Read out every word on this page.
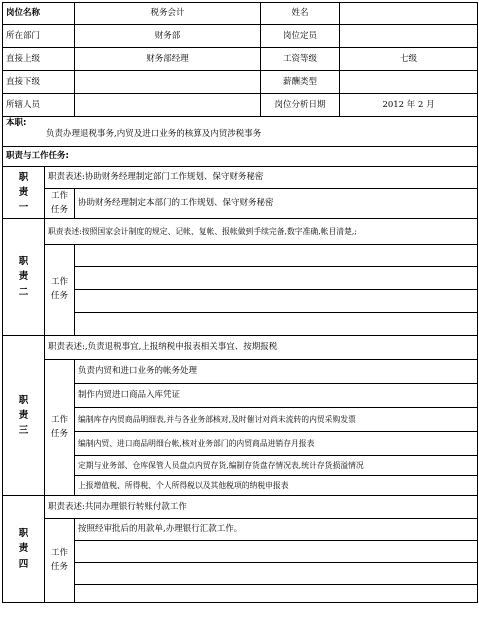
岗位名称		税务会计	姓名	
所在部门		财务部	岗位定员	
直接上级		财务部经理	工资等级	七级
直接下级			薪酬类型	
所辖人员			岗位分析日期	2012 年 2 月

本职:
负责办理退税事务,内贸及进口业务的核算及内贸涉税事务				

职责与工作任务:				
职
责
一	职责表述:协助财务经理制定部门工作规划、保守财务秘密			
	工作
任务	协助财务经理制定本部门的工作规划、保守财务秘密		
职
责
二	职责表述:按照国家会计制度的规定、记帐、复帐、报帐做到手续完备,数字准确,帐目清楚,;			
	工作
任务			

职
责
三	职责表述:,负责退税事宜,上报纳税申报表相关事宜、按期报税			
	工作
任务	负责内贸和进口业务的帐务处理		
		制作内贸进口商品入库凭证		
		编制库存内贸商品明细表,并与各业务部核对,及时催讨对尚未流转的内贸采购发票		
		编制内贸、进口商品明细台帐,核对业务部门的内贸商品进销存月报表		
		定期与业务部、仓库保管人员盘点内贸存货,编制存货盘存情况表,统计存货损溢情况		
		上报增值税、所得税、个人所得税以及其他税项的纳税申报表		
职
责
四	职责表述:共同办理银行转账付款工作			
	工作
任务	按照经审批后的用款单,办理银行汇款工作。		
